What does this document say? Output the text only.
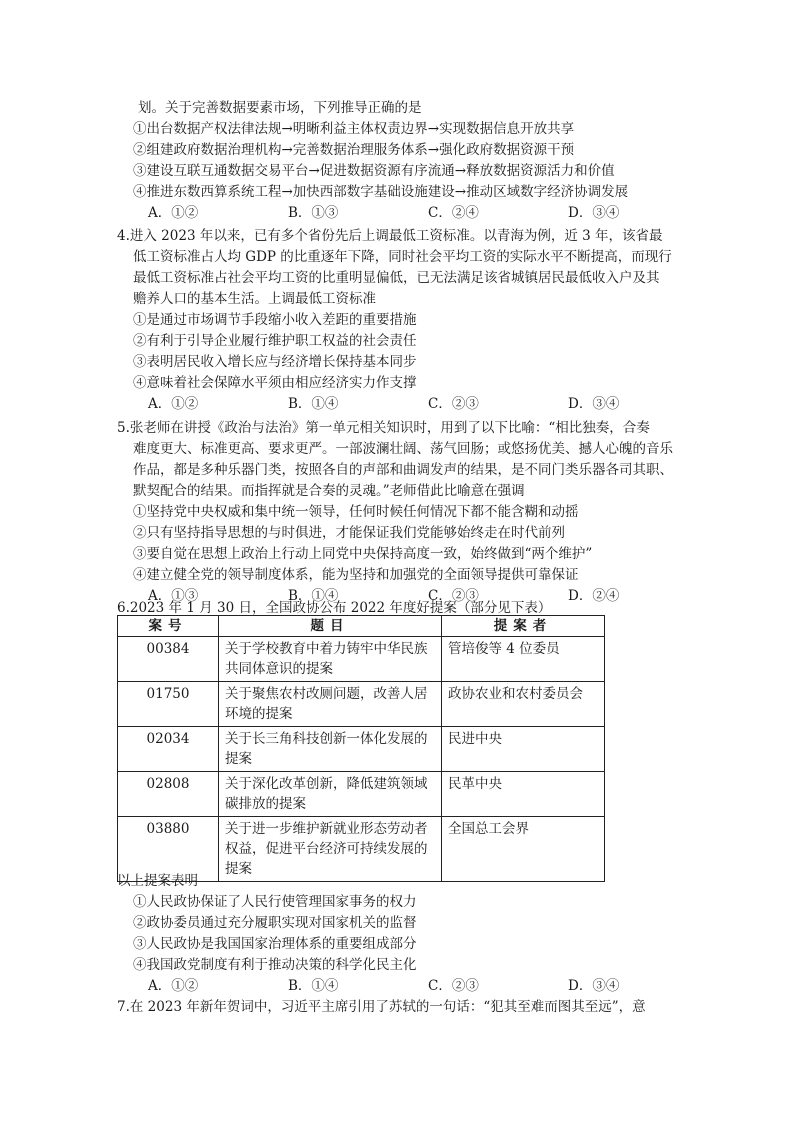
划。关于完善数据要素市场，下列推导正确的是
①出台数据产权法律法规→明晰利益主体权责边界→实现数据信息开放共享
②组建政府数据治理机构→完善数据治理服务体系→强化政府数据资源干预
③建设互联互通数据交易平台→促进数据资源有序流通→释放数据资源活力和价值
④推进东数西算系统工程→加快西部数字基础设施建设→推动区域数字经济协调发展
A．①②	B．①③	C．②④	D．③④
4.进入 2023 年以来，已有多个省份先后上调最低工资标准。以青海为例，近 3 年，该省最
低工资标准占人均 GDP 的比重逐年下降，同时社会平均工资的实际水平不断提高，而现行
最低工资标准占社会平均工资的比重明显偏低，已无法满足该省城镇居民最低收入户及其
赡养人口的基本生活。上调最低工资标准
①是通过市场调节手段缩小收入差距的重要措施
②有利于引导企业履行维护职工权益的社会责任
③表明居民收入增长应与经济增长保持基本同步
④意味着社会保障水平须由相应经济实力作支撑
A．①②	B．①④	C．②③	D．③④
5.张老师在讲授《政治与法治》第一单元相关知识时，用到了以下比喻：“相比独奏，合奏
难度更大、标准更高、要求更严。一部波澜壮阔、荡气回肠；或悠扬优美、撼人心魄的音乐
作品，都是多种乐器门类，按照各自的声部和曲调发声的结果，是不同门类乐器各司其职、
默契配合的结果。而指挥就是合奏的灵魂。”老师借此比喻意在强调
①坚持党中央权威和集中统一领导，任何时候任何情况下都不能含糊和动摇
②只有坚持指导思想的与时俱进，才能保证我们党能够始终走在时代前列
③要自觉在思想上政治上行动上同党中央保持高度一致，始终做到“两个维护”
④建立健全党的领导制度体系，能为坚持和加强党的全面领导提供可靠保证
A．①③	B．①④	C．②③	D．②④
6.2023 年 1 月 30 日，全国政协公布 2022 年度好提案（部分见下表）
案号	题目	提案者
00384	关于学校教育中着力铸牢中华民族
共同体意识的提案	管培俊等 4 位委员
01750	关于聚焦农村改厕问题，改善人居
环境的提案	政协农业和农村委员会
02034	关于长三角科技创新一体化发展的
提案	民进中央
02808	关于深化改革创新，降低建筑领域
碳排放的提案	民革中央
03880	关于进一步维护新就业形态劳动者
权益，促进平台经济可持续发展的
提案	全国总工会界
以上提案表明
①人民政协保证了人民行使管理国家事务的权力
②政协委员通过充分履职实现对国家机关的监督
③人民政协是我国国家治理体系的重要组成部分
④我国政党制度有利于推动决策的科学化民主化
A．①②	B．①④	C．②③	D．③④
7.在 2023 年新年贺词中，习近平主席引用了苏轼的一句话：“犯其至难而图其至远”，意
